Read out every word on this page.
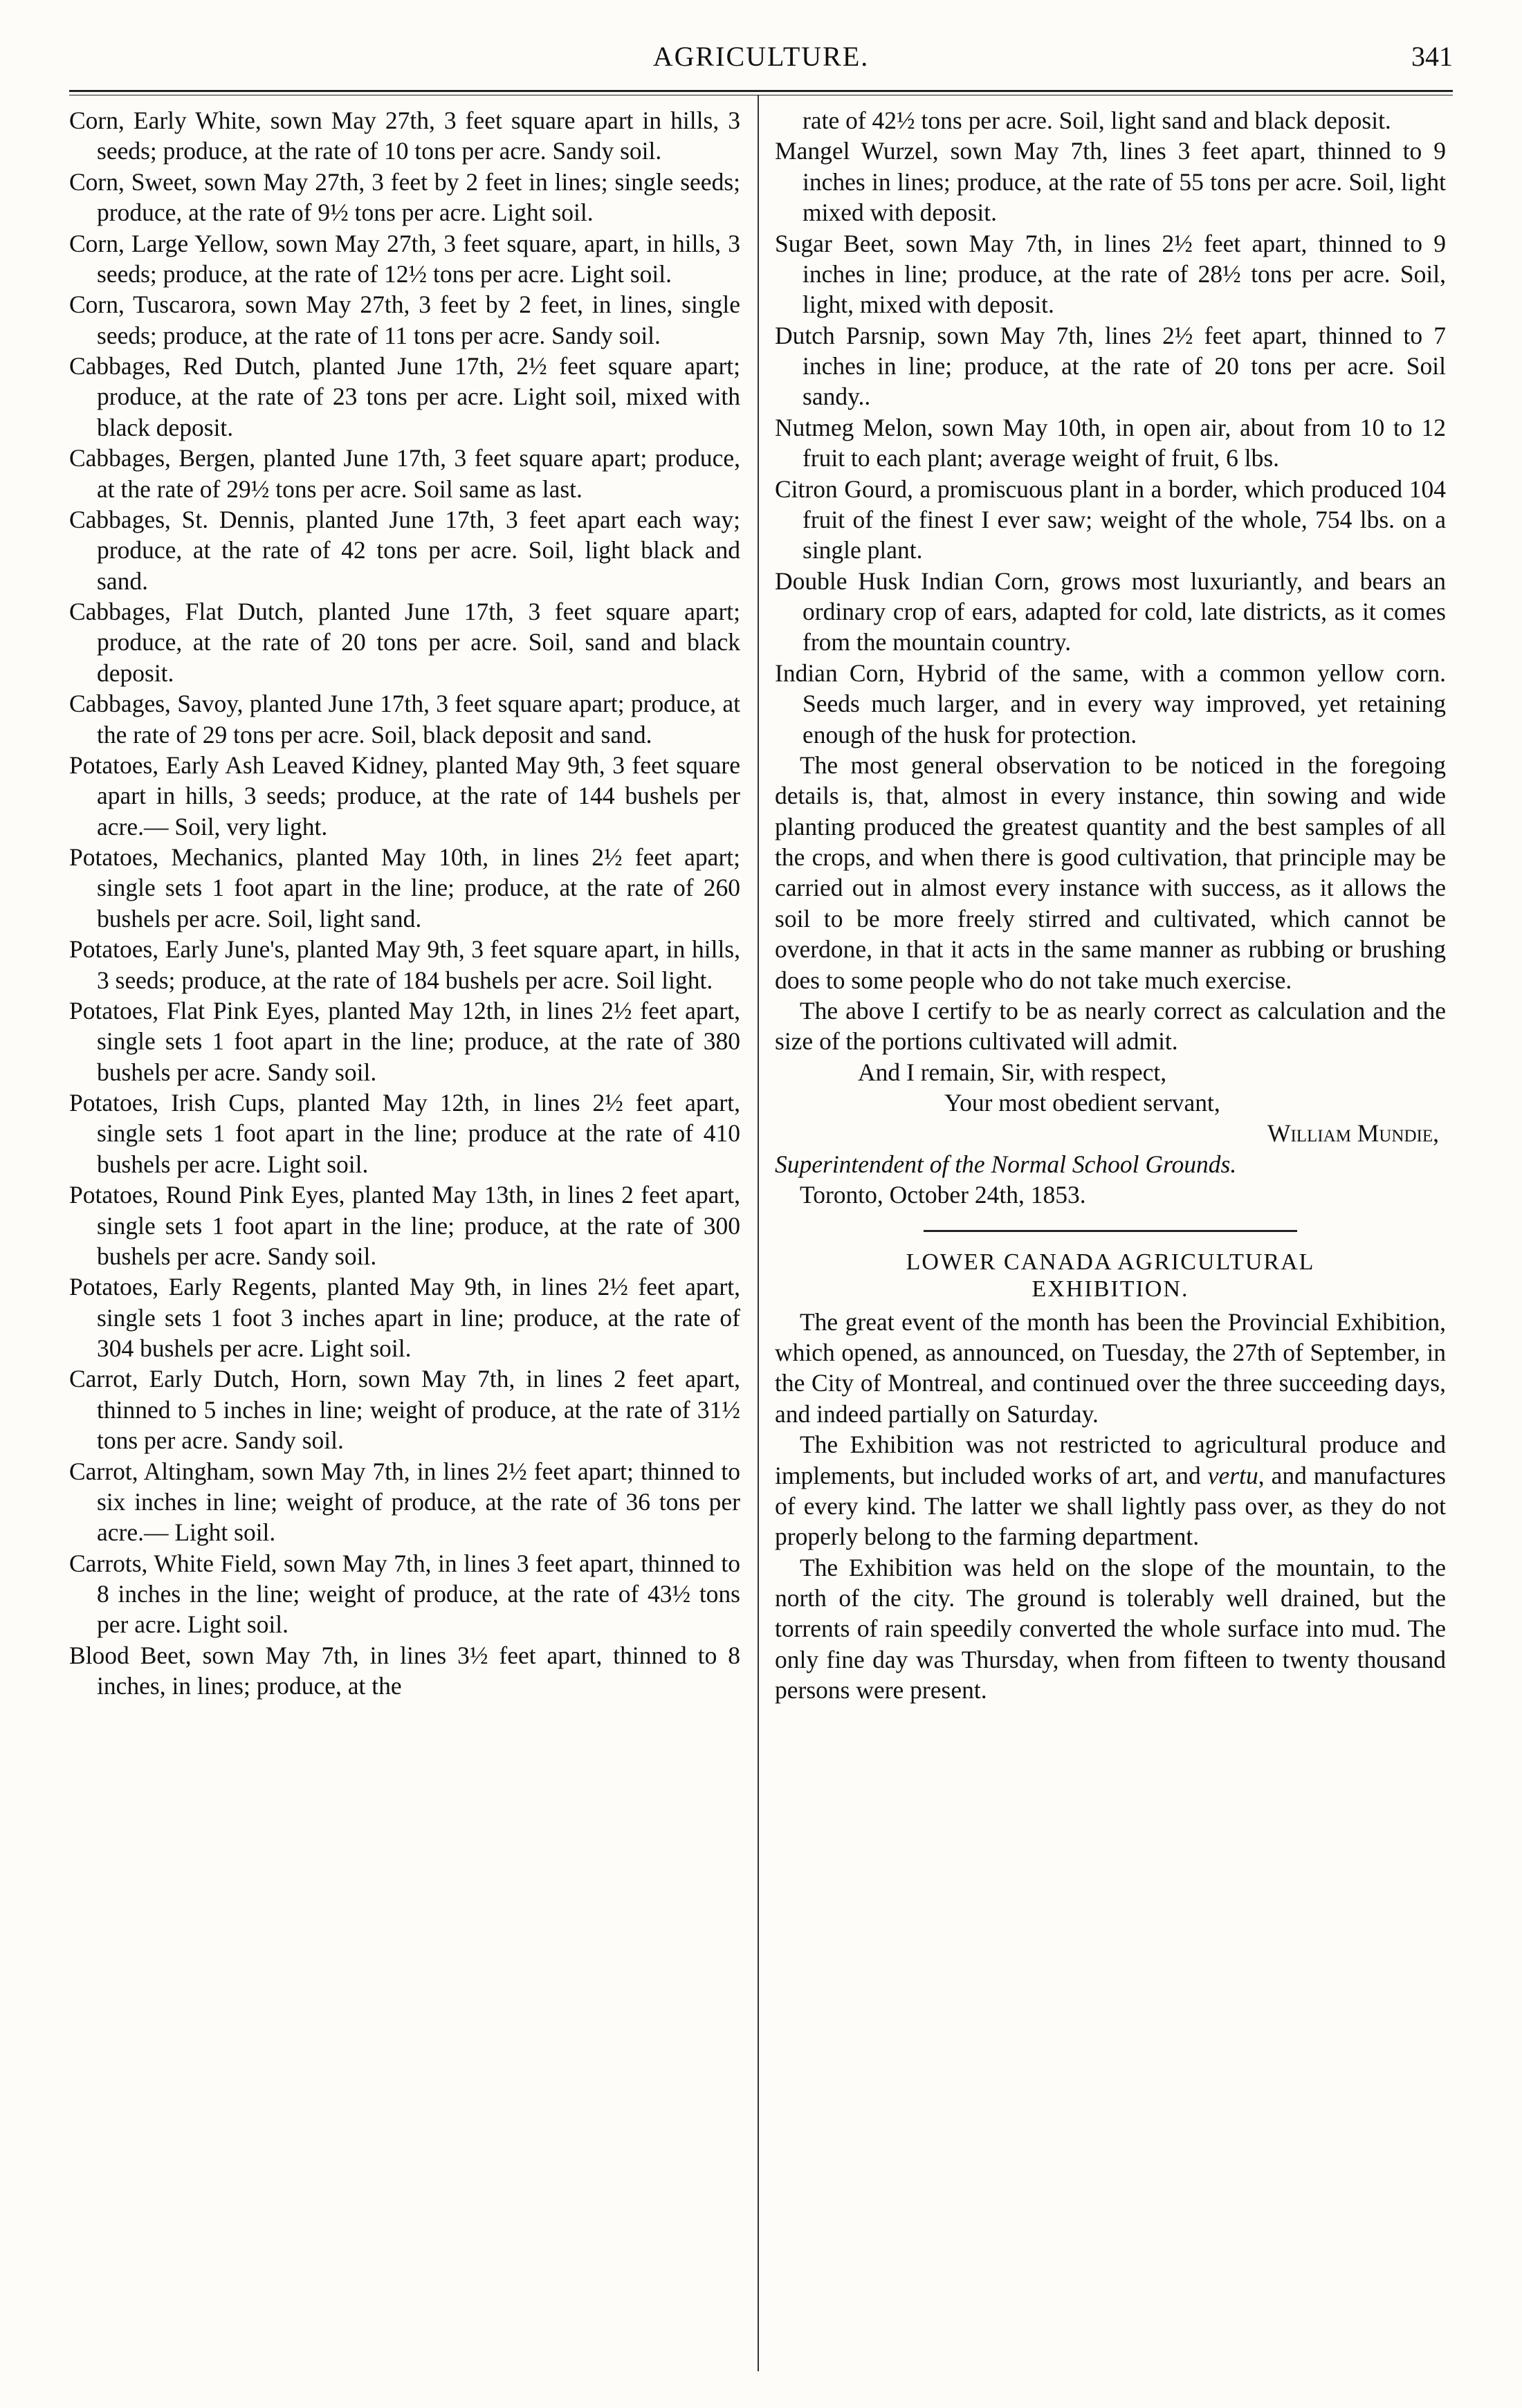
AGRICULTURE.	341

Corn, Early White, sown May 27th, 3 feet square apart in hills, 3 seeds; produce, at the rate of 10 tons per acre. Sandy soil.

Corn, Sweet, sown May 27th, 3 feet by 2 feet in lines; single seeds; produce, at the rate of 9½ tons per acre. Light soil.

Corn, Large Yellow, sown May 27th, 3 feet square, apart, in hills, 3 seeds; produce, at the rate of 12½ tons per acre. Light soil.

Corn, Tuscarora, sown May 27th, 3 feet by 2 feet, in lines, single seeds; produce, at the rate of 11 tons per acre. Sandy soil.

Cabbages, Red Dutch, planted June 17th, 2½ feet square apart; produce, at the rate of 23 tons per acre. Light soil, mixed with black deposit.

Cabbages, Bergen, planted June 17th, 3 feet square apart; produce, at the rate of 29½ tons per acre. Soil same as last.

Cabbages, St. Dennis, planted June 17th, 3 feet apart each way; produce, at the rate of 42 tons per acre. Soil, light black and sand.

Cabbages, Flat Dutch, planted June 17th, 3 feet square apart; produce, at the rate of 20 tons per acre. Soil, sand and black deposit.

Cabbages, Savoy, planted June 17th, 3 feet square apart; produce, at the rate of 29 tons per acre. Soil, black deposit and sand.

Potatoes, Early Ash Leaved Kidney, planted May 9th, 3 feet square apart in hills, 3 seeds; produce, at the rate of 144 bushels per acre.— Soil, very light.

Potatoes, Mechanics, planted May 10th, in lines 2½ feet apart; single sets 1 foot apart in the line; produce, at the rate of 260 bushels per acre. Soil, light sand.

Potatoes, Early June's, planted May 9th, 3 feet square apart, in hills, 3 seeds; produce, at the rate of 184 bushels per acre. Soil light.

Potatoes, Flat Pink Eyes, planted May 12th, in lines 2½ feet apart, single sets 1 foot apart in the line; produce, at the rate of 380 bushels per acre. Sandy soil.

Potatoes, Irish Cups, planted May 12th, in lines 2½ feet apart, single sets 1 foot apart in the line; produce at the rate of 410 bushels per acre. Light soil.

Potatoes, Round Pink Eyes, planted May 13th, in lines 2 feet apart, single sets 1 foot apart in the line; produce, at the rate of 300 bushels per acre. Sandy soil.

Potatoes, Early Regents, planted May 9th, in lines 2½ feet apart, single sets 1 foot 3 inches apart in line; produce, at the rate of 304 bushels per acre. Light soil.

Carrot, Early Dutch, Horn, sown May 7th, in lines 2 feet apart, thinned to 5 inches in line; weight of produce, at the rate of 31½ tons per acre. Sandy soil.

Carrot, Altingham, sown May 7th, in lines 2½ feet apart; thinned to six inches in line; weight of produce, at the rate of 36 tons per acre.— Light soil.

Carrots, White Field, sown May 7th, in lines 3 feet apart, thinned to 8 inches in the line; weight of produce, at the rate of 43½ tons per acre. Light soil.

Blood Beet, sown May 7th, in lines 3½ feet apart, thinned to 8 inches, in lines; produce, at the

rate of 42½ tons per acre. Soil, light sand and black deposit.

Mangel Wurzel, sown May 7th, lines 3 feet apart, thinned to 9 inches in lines; produce, at the rate of 55 tons per acre. Soil, light mixed with deposit.

Sugar Beet, sown May 7th, in lines 2½ feet apart, thinned to 9 inches in line; produce, at the rate of 28½ tons per acre. Soil, light, mixed with deposit.

Dutch Parsnip, sown May 7th, lines 2½ feet apart, thinned to 7 inches in line; produce, at the rate of 20 tons per acre. Soil sandy..

Nutmeg Melon, sown May 10th, in open air, about from 10 to 12 fruit to each plant; average weight of fruit, 6 lbs.

Citron Gourd, a promiscuous plant in a border, which produced 104 fruit of the finest I ever saw; weight of the whole, 754 lbs. on a single plant.

Double Husk Indian Corn, grows most luxuriantly, and bears an ordinary crop of ears, adapted for cold, late districts, as it comes from the mountain country.

Indian Corn, Hybrid of the same, with a common yellow corn. Seeds much larger, and in every way improved, yet retaining enough of the husk for protection.

The most general observation to be noticed in the foregoing details is, that, almost in every instance, thin sowing and wide planting produced the greatest quantity and the best samples of all the crops, and when there is good cultivation, that principle may be carried out in almost every instance with success, as it allows the soil to be more freely stirred and cultivated, which cannot be overdone, in that it acts in the same manner as rubbing or brushing does to some people who do not take much exercise.

The above I certify to be as nearly correct as calculation and the size of the portions cultivated will admit.

And I remain, Sir, with respect,

Your most obedient servant,

William Mundie,

Superintendent of the Normal School Grounds.

Toronto, October 24th, 1853.

LOWER CANADA AGRICULTURAL

EXHIBITION.

The great event of the month has been the Provincial Exhibition, which opened, as announced, on Tuesday, the 27th of September, in the City of Montreal, and continued over the three succeeding days, and indeed partially on Saturday.

The Exhibition was not restricted to agricultural produce and implements, but included works of art, and vertu, and manufactures of every kind. The latter we shall lightly pass over, as they do not properly belong to the farming department.

The Exhibition was held on the slope of the mountain, to the north of the city. The ground is tolerably well drained, but the torrents of rain speedily converted the whole surface into mud. The only fine day was Thursday, when from fifteen to twenty thousand persons were present.
